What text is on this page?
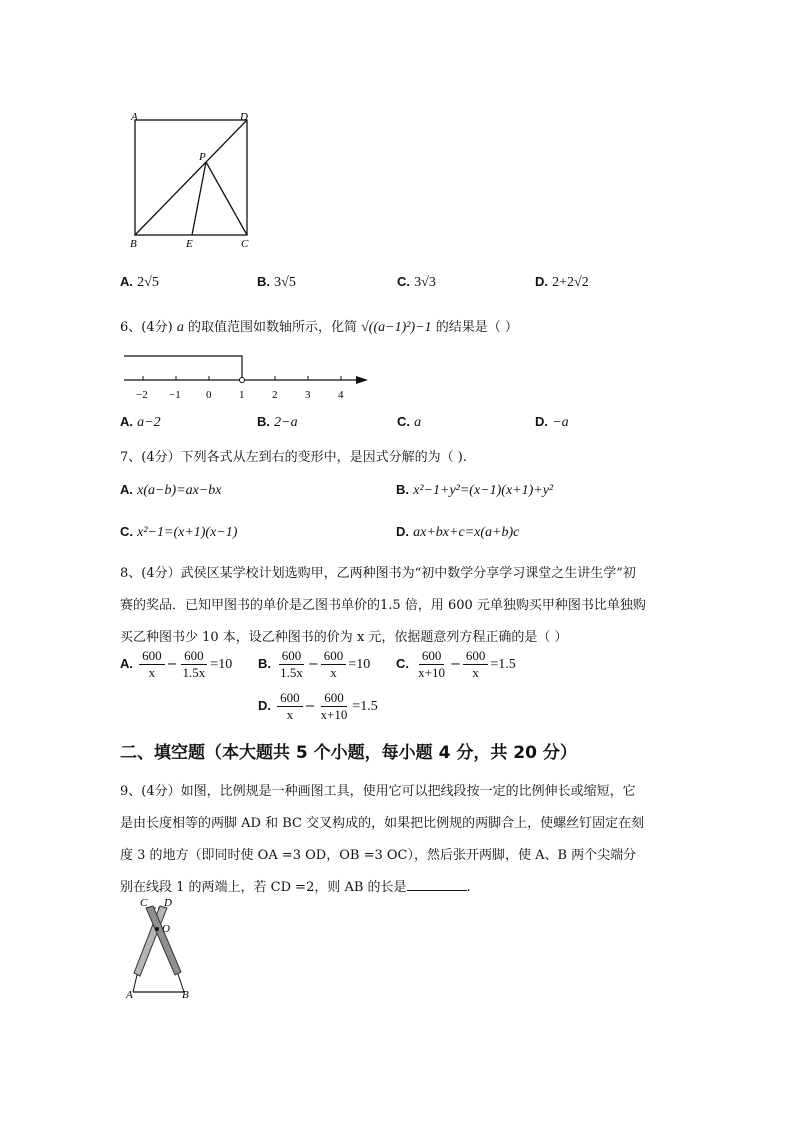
A	D
P
B	E	C
A. 2√5	B. 3√5	C. 3√3	D. 2+2√2
6、(4分) a 的取值范围如数轴所示，化简 √((a−1)²)−1 的结果是（ ）
−2 −1 0	1	2	3	4
A. a−2	B. 2−a	C. a	D. −a
7、(4分）下列各式从左到右的变形中，是因式分解的为（ ).
A. x(a−b)=ax−bx	B. x²−1+y²=(x−1)(x+1)+y²
C. x²−1=(x+1)(x−1)	D. ax+bx+c=x(a+b)c
8、(4分）武侯区某学校计划选购甲，乙两种图书为“初中数学分享学习课堂之生讲生学”初
赛的奖品．已知甲图书的单价是乙图书单价的1.5 倍，用 600 元单独购买甲种图书比单独购
买乙种图书少 10 本，设乙种图书的价为 x 元，依据题意列方程正确的是（ ）
A. $\frac{600}{x} - \frac{600}{1.5x} =10$ B. $\frac{600}{1.5x} - \frac{600}{x} =10$ C. $\frac{600}{x+10} - \frac{600}{x} =1.5$
D. $\frac{600}{x} - \frac{600}{x+10} =1.5$
二、填空题（本大题共 5 个小题，每小题 4 分，共 20 分）
9、(4分）如图，比例规是一种画图工具，使用它可以把线段按一定的比例伸长或缩短，它
是由长度相等的两脚 AD 和 BC 交叉构成的，如果把比例规的两脚合上，使螺丝钉固定在刻
度 3 的地方（即同时使 OA =3 OD，OB =3 OC），然后张开两脚，使 A、B 两个尖端分
别在线段 1 的两端上，若 CD =2，则 AB 的长是	.
C D
O
A	B
